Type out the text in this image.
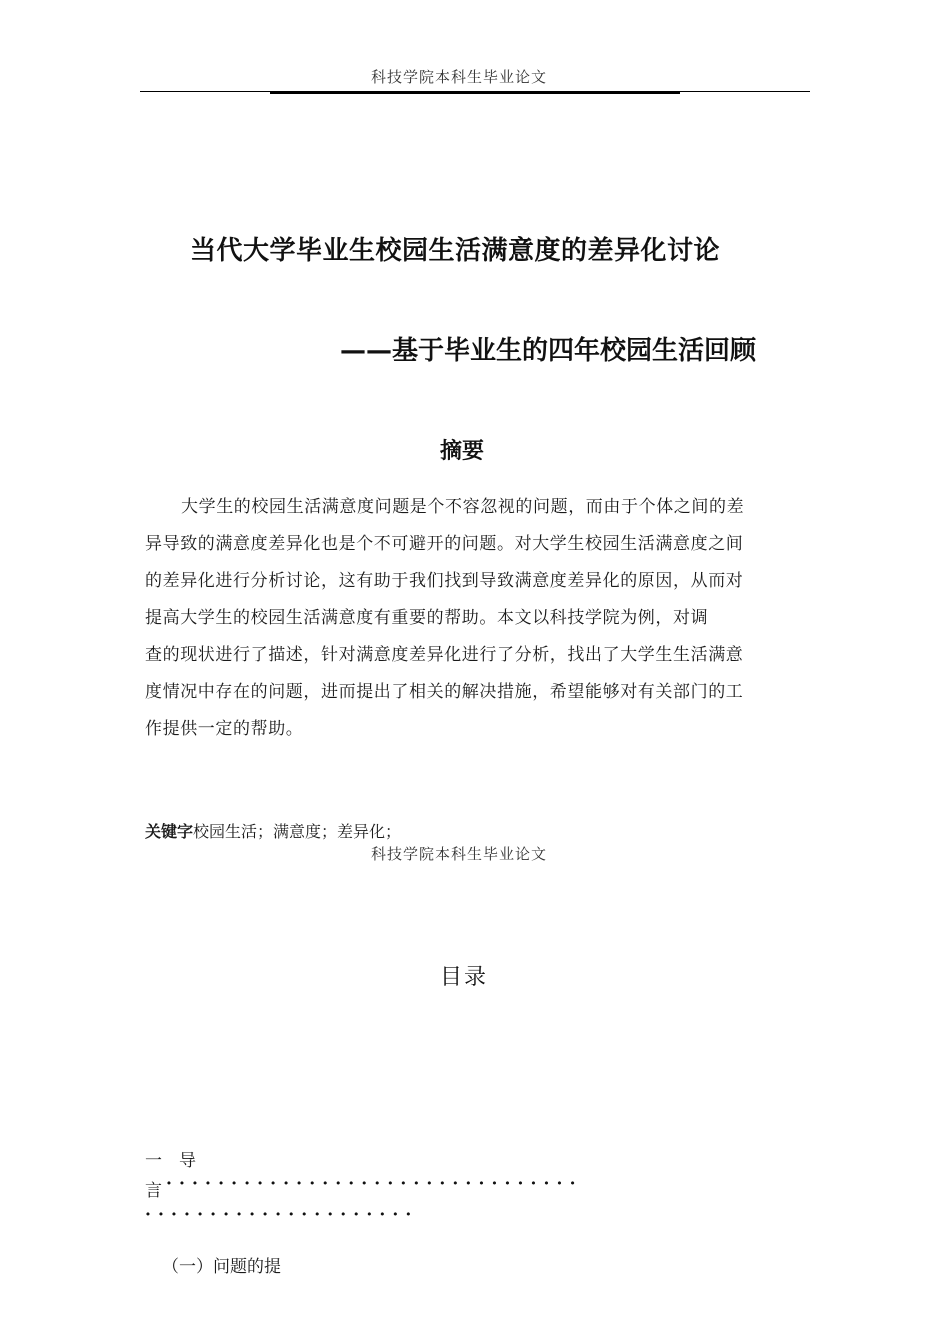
科技学院本科生毕业论文
当代大学毕业生校园生活满意度的差异化讨论
——基于毕业生的四年校园生活回顾
摘要
大学生的校园生活满意度问题是个不容忽视的问题，而由于个体之间的差
异导致的满意度差异化也是个不可避开的问题。对大学生校园生活满意度之间
的差异化进行分析讨论，这有助于我们找到导致满意度差异化的原因，从而对
提高大学生的校园生活满意度有重要的帮助。本文以科技学院为例，对调
查的现状进行了描述，针对满意度差异化进行了分析，找出了大学生生活满意
度情况中存在的问题，进而提出了相关的解决措施，希望能够对有关部门的工
作提供一定的帮助。
关键字校园生活；满意度；差异化；
科技学院本科生毕业论文
目录
一　导
言 ································
·····················
（一）问题的提
